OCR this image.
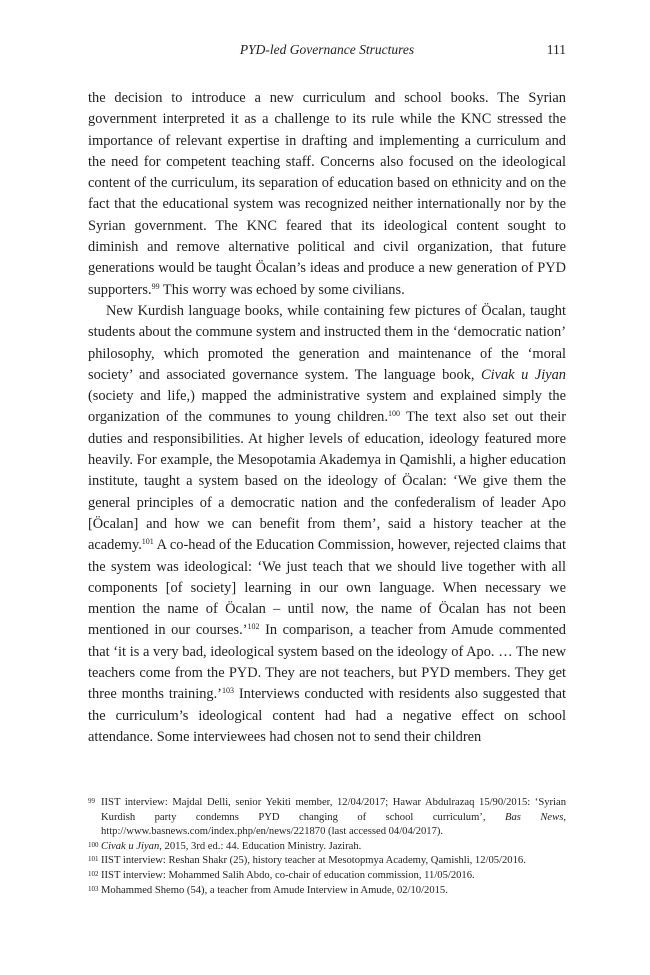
PYD-led Governance Structures	111

the decision to introduce a new curriculum and school books. The Syrian government interpreted it as a challenge to its rule while the KNC stressed the importance of relevant expertise in drafting and implementing a curriculum and the need for competent teaching staff. Concerns also focused on the ideological content of the curriculum, its separation of education based on ethnicity and on the fact that the educational system was recognized neither internationally nor by the Syrian government. The KNC feared that its ideological content sought to diminish and remove alternative political and civil organization, that future generations would be taught Öcalan’s ideas and produce a new generation of PYD supporters.$^{99}$ This worry was echoed by some civilians.

New Kurdish language books, while containing few pictures of Öcalan, taught students about the commune system and instructed them in the ‘democratic nation’ philosophy, which promoted the generation and maintenance of the ‘moral society’ and associated governance system. The language book, Civak u Jiyan (society and life,) mapped the administrative system and explained simply the organization of the communes to young children.$^{100}$ The text also set out their duties and responsibilities. At higher levels of education, ideology featured more heavily. For example, the Mesopotamia Akademya in Qamishli, a higher education institute, taught a system based on the ideology of Öcalan: ‘We give them the general principles of a democratic nation and the confederalism of leader Apo [Öcalan] and how we can benefit from them’, said a history teacher at the academy.$^{101}$ A co-head of the Education Commission, however, rejected claims that the system was ideological: ‘We just teach that we should live together with all components [of society] learning in our own language. When necessary we mention the name of Öcalan – until now, the name of Öcalan has not been mentioned in our courses.’$^{102}$ In comparison, a teacher from Amude commented that ‘it is a very bad, ideological system based on the ideology of Apo. … The new teachers come from the PYD. They are not teachers, but PYD members. They get three months training.’$^{103}$ Interviews conducted with residents also suggested that the curriculum’s ideological content had had a negative effect on school attendance. Some interviewees had chosen not to send their children

99 IIST interview: Majdal Delli, senior Yekiti member, 12/04/2017; Hawar Abdulrazaq 15/90/2015: ‘Syrian Kurdish party condemns PYD changing of school curriculum’, Bas News, http://www.basnews.com/index.php/en/news/221870 (last accessed 04/04/2017).
100 Civak u Jiyan, 2015, 3rd ed.: 44. Education Ministry. Jazirah.
101 IIST interview: Reshan Shakr (25), history teacher at Mesotopmya Academy, Qamishli, 12/05/2016.
102 IIST interview: Mohammed Salih Abdo, co-chair of education commission, 11/05/2016.
103 Mohammed Shemo (54), a teacher from Amude Interview in Amude, 02/10/2015.
